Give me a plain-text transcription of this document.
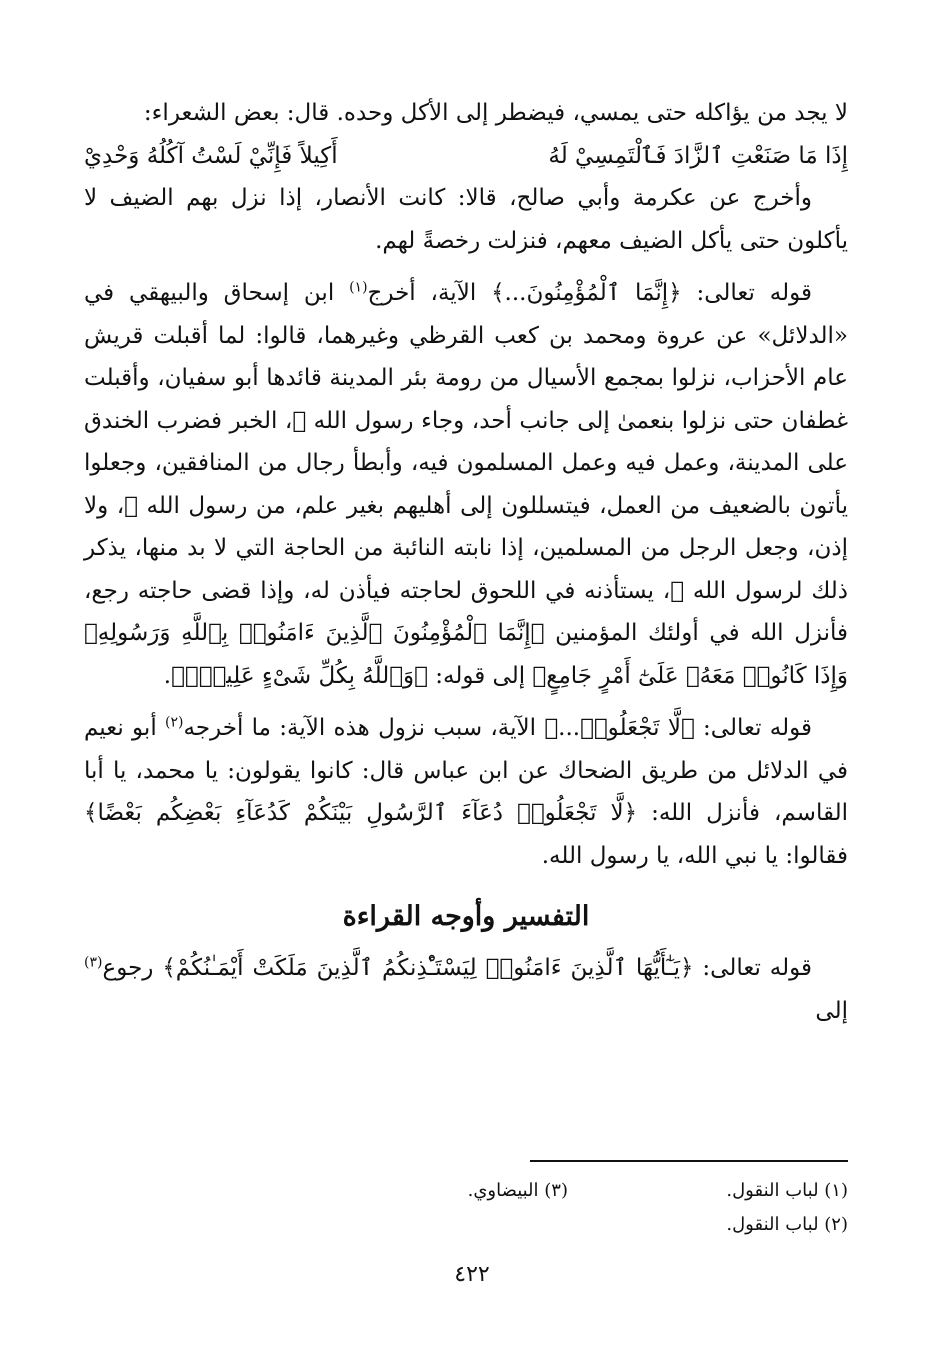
لا يجد من يؤاكله حتى يمسي، فيضطر إلى الأكل وحده. قال: بعض الشعراء:

إِذَا مَا صَنَعْتِ ٱلزَّادَ فَٱلْتَمِسِيْ لَهُ
أَكِيلاً فَإِنِّيْ لَسْتُ آكُلُهُ وَحْدِيْ

وأخرج عن عكرمة وأبي صالح، قالا: كانت الأنصار، إذا نزل بهم الضيف لا يأكلون حتى يأكل الضيف معهم، فنزلت رخصةً لهم.

قوله تعالى: ﴿إِنَّمَا ٱلْمُؤْمِنُونَ...﴾ الآية، أخرج$^{(١)}$ ابن إسحاق والبيهقي في «الدلائل» عن عروة ومحمد بن كعب القرظي وغيرهما، قالوا: لما أقبلت قريش عام الأحزاب، نزلوا بمجمع الأسيال من رومة بئر المدينة قائدها أبو سفيان، وأقبلت غطفان حتى نزلوا بنعمىٰ إلى جانب أحد، وجاء رسول الله ﷺ، الخبر فضرب الخندق على المدينة، وعمل فيه وعمل المسلمون فيه، وأبطأ رجال من المنافقين، وجعلوا يأتون بالضعيف من العمل، فيتسللون إلى أهليهم بغير علم، من رسول الله ﷺ، ولا إذن، وجعل الرجل من المسلمين، إذا نابته النائبة من الحاجة التي لا بد منها، يذكر ذلك لرسول الله ﷺ، يستأذنه في اللحوق لحاجته فيأذن له، وإذا قضى حاجته رجع، فأنزل الله في أولئك المؤمنين ﴿إِنَّمَا ٱلْمُؤْمِنُونَ ٱلَّذِينَ ءَامَنُوا۟ بِٱللَّهِ وَرَسُولِهِۦ وَإِذَا كَانُوا۟ مَعَهُۥ عَلَىٰٓ أَمْرٍ جَامِعٍ﴾ إلى قوله: ﴿وَٱللَّهُ بِكُلِّ شَىْءٍ عَلِيمٌۢ﴾.

قوله تعالى: ﴿لَّا تَجْعَلُوا۟...﴾ الآية، سبب نزول هذه الآية: ما أخرجه$^{(٢)}$ أبو نعيم في الدلائل من طريق الضحاك عن ابن عباس قال: كانوا يقولون: يا محمد، يا أبا القاسم، فأنزل الله: ﴿لَّا تَجْعَلُوا۟ دُعَآءَ ٱلرَّسُولِ بَيْنَكُمْ كَدُعَآءِ بَعْضِكُم بَعْضًا﴾ فقالوا: يا نبي الله، يا رسول الله.

التفسير وأوجه القراءة

قوله تعالى: ﴿يَـٰٓأَيُّهَا ٱلَّذِينَ ءَامَنُوا۟ لِيَسْتَـْٔذِنكُمُ ٱلَّذِينَ مَلَكَتْ أَيْمَـٰنُكُمْ﴾ رجوع$^{(٣)}$ إلى

(١) لباب النقول.
(٣) البيضاوي.
(٢) لباب النقول.
٤٢٢
